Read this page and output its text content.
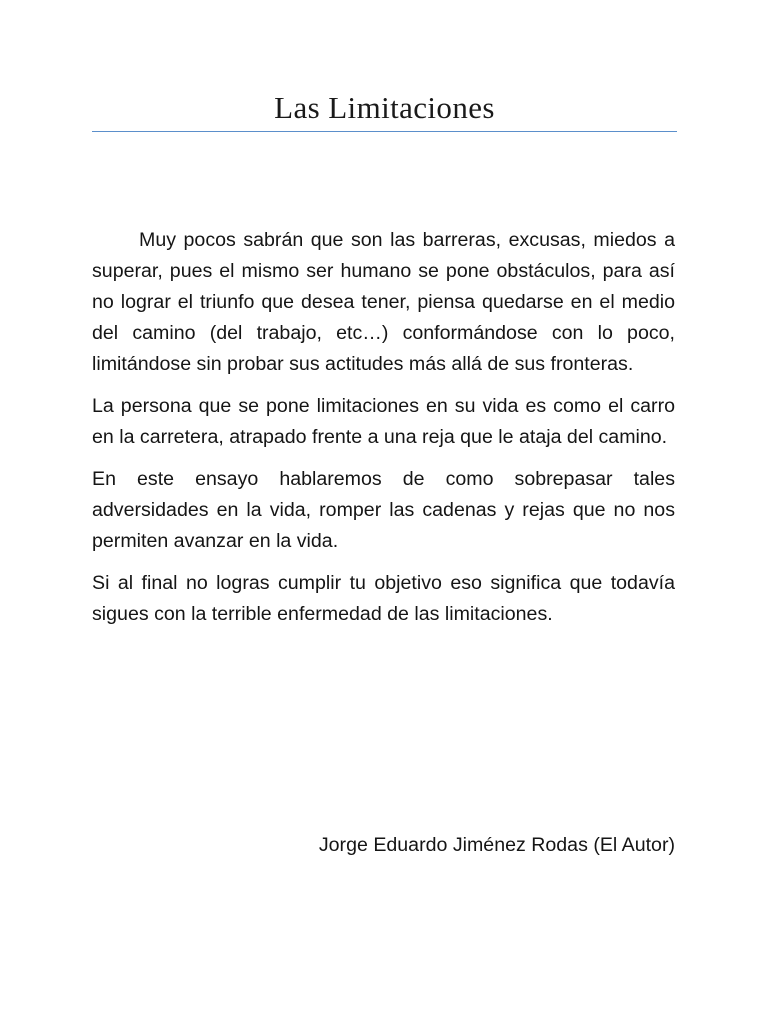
Las Limitaciones

Muy pocos sabrán que son las barreras, excusas, miedos a superar, pues el mismo ser humano se pone obstáculos, para así no lograr el triunfo que desea tener, piensa quedarse en el medio del camino (del trabajo, etc…) conformándose con lo poco, limitándose sin probar sus actitudes más allá de sus fronteras.

La persona que se pone limitaciones en su vida es como el carro en la carretera, atrapado frente a una reja que le ataja del camino.

En este ensayo hablaremos de como sobrepasar tales adversidades en la vida, romper las cadenas y rejas que no nos permiten avanzar en la vida.

Si al final no logras cumplir tu objetivo eso significa que todavía sigues con la terrible enfermedad de las limitaciones.

Jorge Eduardo Jiménez Rodas (El Autor)
